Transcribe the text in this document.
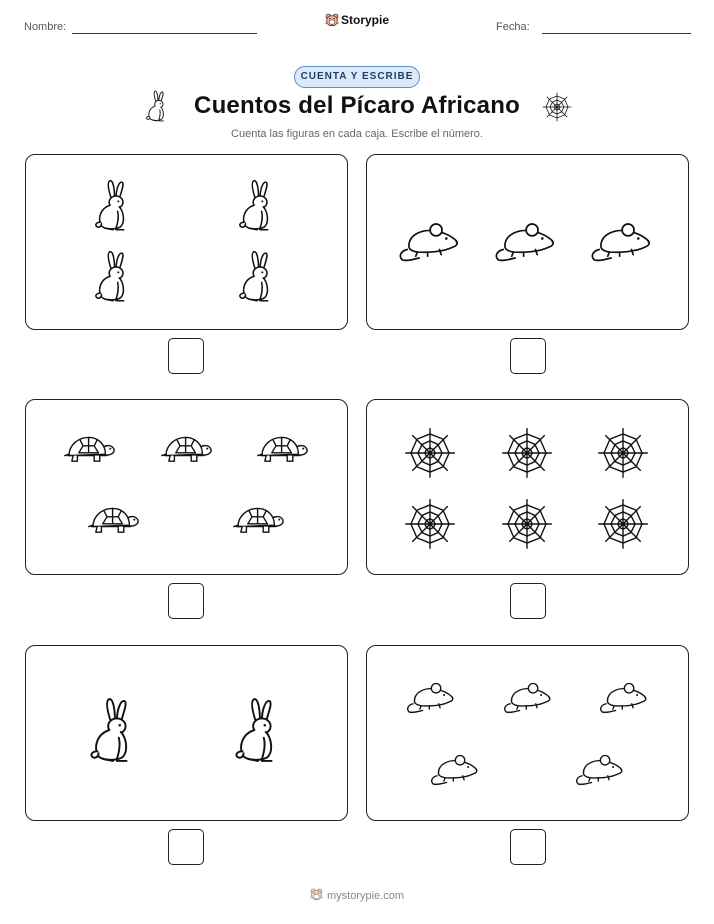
Nombre:	Storypie	Fecha:
CUENTA Y ESCRIBE
Cuentos del Pícaro Africano
Cuenta las figuras en cada caja. Escribe el número.
mystorypie.com
